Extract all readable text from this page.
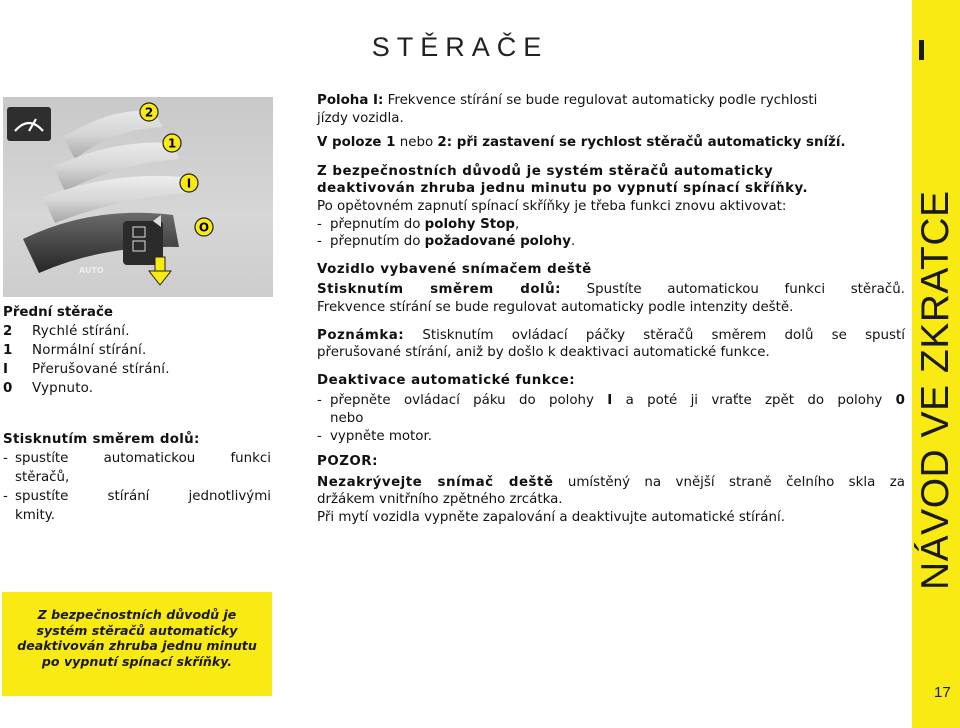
STĚRAČE
AUTO
2
1
I
O
Přední stěrače
2	Rychlé stírání.
1	Normální stírání.
I	Přerušované stírání.
0	Vypnuto.
Stisknutím směrem dolů:
- spustíte automatickou funkci
stěračů,
- spustíte stírání jednotlivými
kmity.
Z bezpečnostních důvodů je systém stěračů automaticky deaktivován zhruba jednu minutu po vypnutí spínací skříňky.

Poloha I: Frekvence stírání se bude regulovat automaticky podle rychlosti

jízdy vozidla.

V poloze 1 nebo 2: při zastavení se rychlost stěračů automaticky sníží.

Z bezpečnostních důvodů je systém stěračů automaticky

deaktivován zhruba jednu minutu po vypnutí spínací skříňky.

Po opětovném zapnutí spínací skříňky je třeba funkci znovu aktivovat:

- přepnutím do polohy Stop,
- přepnutím do požadované polohy.

Vozidlo vybavené snímačem deště

Stisknutím směrem dolů: Spustíte automatickou funkci stěračů.

Frekvence stírání se bude regulovat automaticky podle intenzity deště.

Poznámka: Stisknutím ovládací páčky stěračů směrem dolů se spustí

přerušované stírání, aniž by došlo k deaktivaci automatické funkce.

Deaktivace automatické funkce:

- přepněte ovládací páku do polohy I a poté ji vraťte zpět do polohy 0

nebo

- vypněte motor.

POZOR:

Nezakrývejte snímač deště umístěný na vnější straně čelního skla za

držákem vnitřního zpětného zrcátka.

Při mytí vozidla vypněte zapalování a deaktivujte automatické stírání.	NÁVOD VE ZKRATCE
17
